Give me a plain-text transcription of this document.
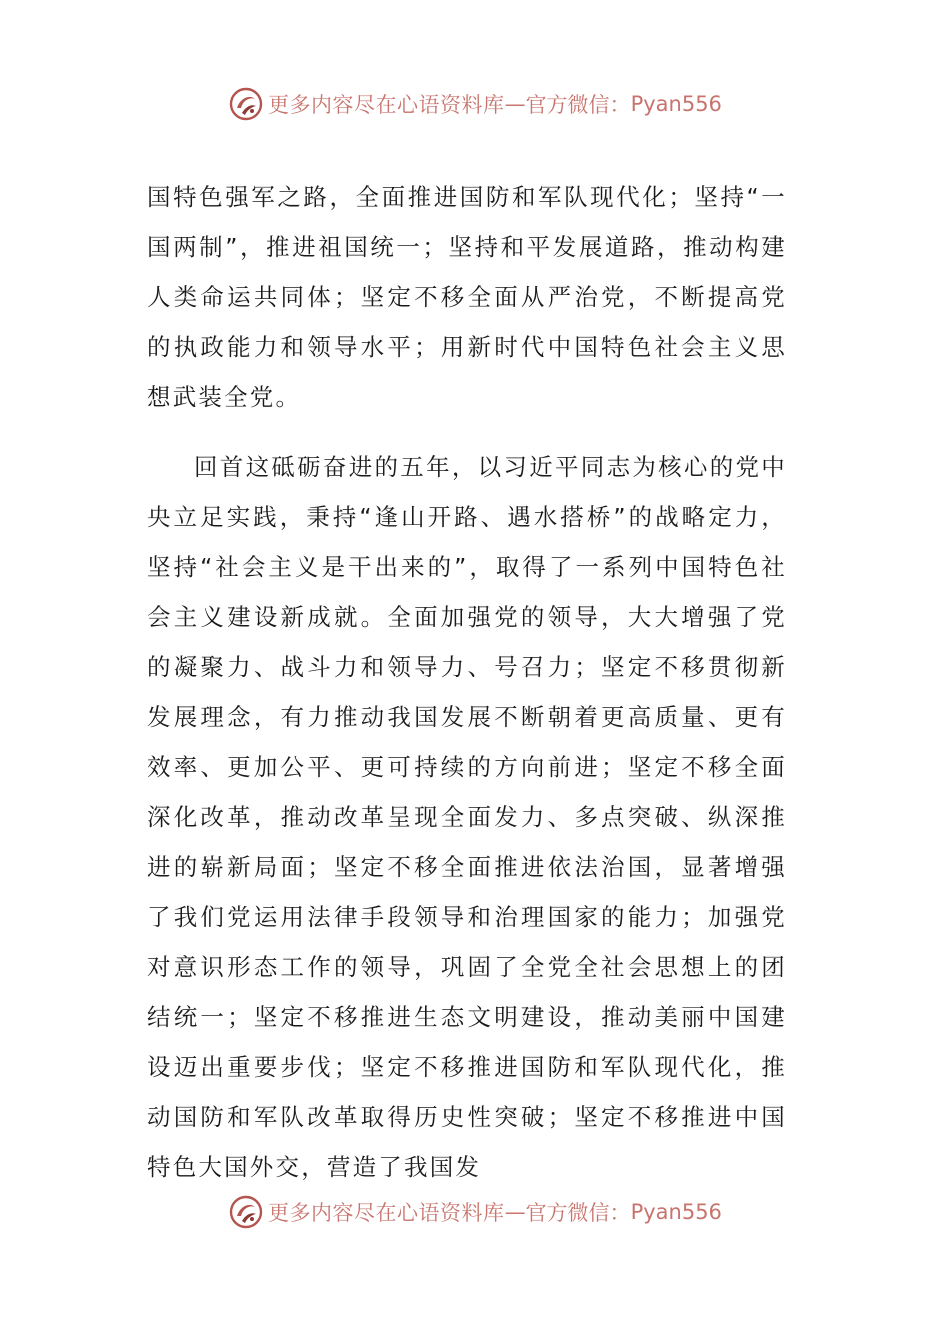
更多内容尽在心语资料库 — 官方微信： Pyan556

国特色强军之路，全面推进国防和军队现代化；坚持“一国两制”，推进祖国统一；坚持和平发展道路，推动构建人类命运共同体；坚定不移全面从严治党，不断提高党的执政能力和领导水平；用新时代中国特色社会主义思想武装全党。

回首这砥砺奋进的五年，以习近平同志为核心的党中央立足实践，秉持“逢山开路、遇水搭桥”的战略定力，坚持“社会主义是干出来的”，取得了一系列中国特色社会主义建设新成就。全面加强党的领导，大大增强了党的凝聚力、战斗力和领导力、号召力；坚定不移贯彻新发展理念，有力推动我国发展不断朝着更高质量、更有效率、更加公平、更可持续的方向前进；坚定不移全面深化改革，推动改革呈现全面发力、多点突破、纵深推进的崭新局面；坚定不移全面推进依法治国，显著增强了我们党运用法律手段领导和治理国家的能力；加强党对意识形态工作的领导，巩固了全党全社会思想上的团结统一；坚定不移推进生态文明建设，推动美丽中国建设迈出重要步伐；坚定不移推进国防和军队现代化，推动国防和军队改革取得历史性突破；坚定不移推进中国特色大国外交，营造了我国发

更多内容尽在心语资料库 — 官方微信： Pyan556
